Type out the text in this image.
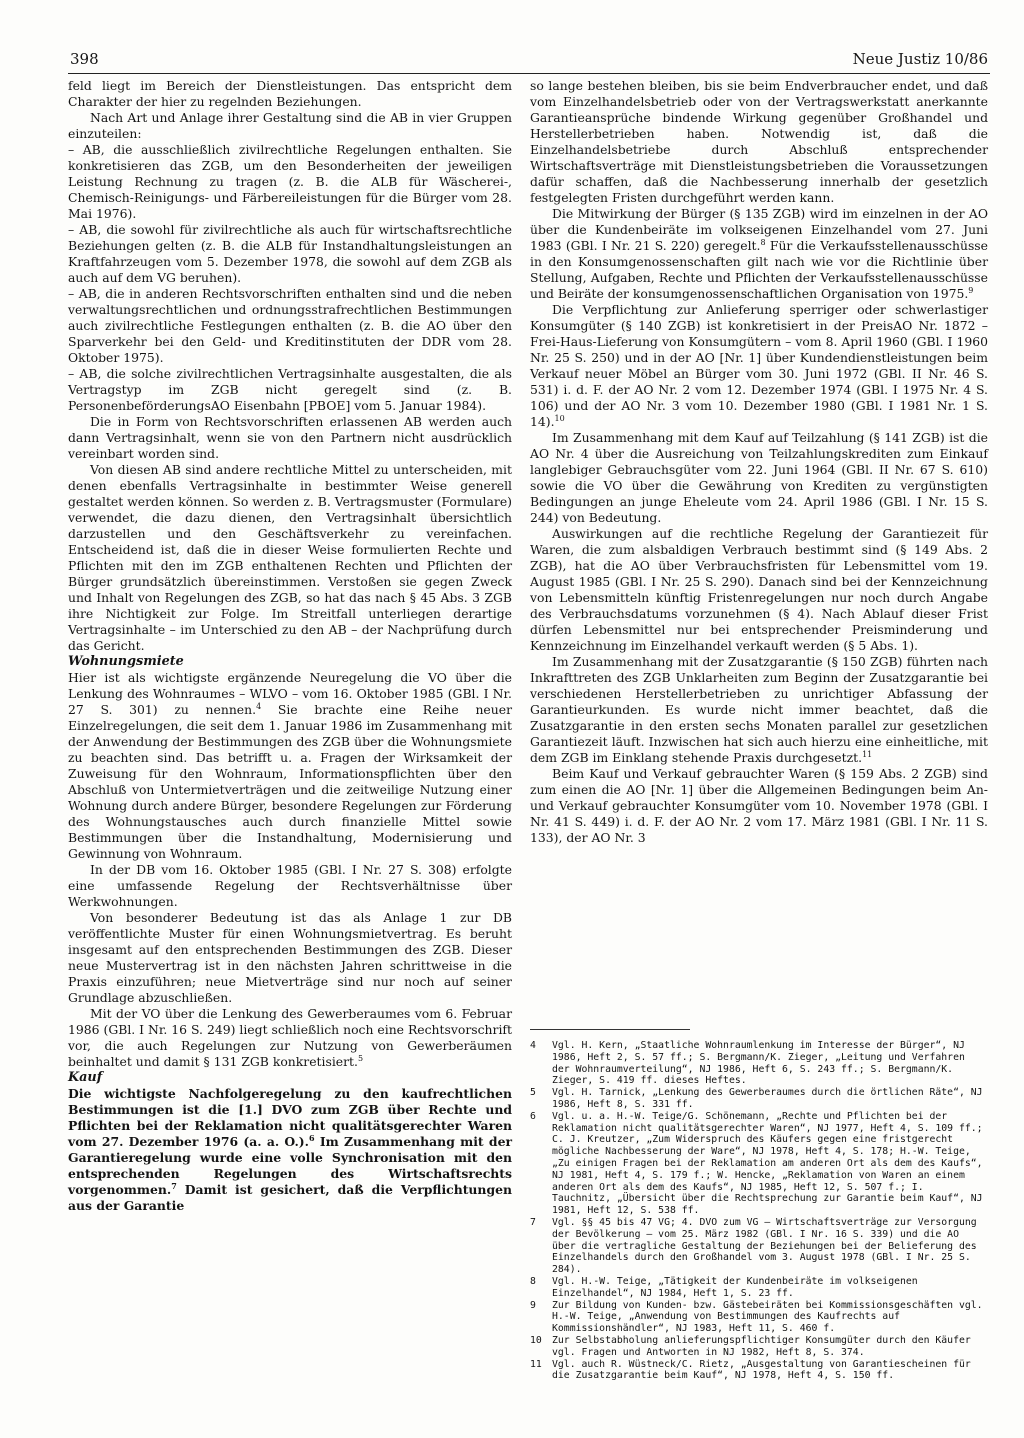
398	Neue Justiz 10/86

feld liegt im Bereich der Dienstleistungen. Das entspricht dem Charakter der hier zu regelnden Beziehungen.

Nach Art und Anlage ihrer Gestaltung sind die AB in vier Gruppen einzuteilen:

– AB, die ausschließlich zivilrechtliche Regelungen enthalten. Sie konkretisieren das ZGB, um den Besonderheiten der jeweiligen Leistung Rechnung zu tragen (z. B. die ALB für Wäscherei-, Chemisch-Reinigungs- und Färbereileistungen für die Bürger vom 28. Mai 1976).

– AB, die sowohl für zivilrechtliche als auch für wirtschaftsrechtliche Beziehungen gelten (z. B. die ALB für Instandhaltungsleistungen an Kraftfahrzeugen vom 5. Dezember 1978, die sowohl auf dem ZGB als auch auf dem VG beruhen).

– AB, die in anderen Rechtsvorschriften enthalten sind und die neben verwaltungsrechtlichen und ordnungsstrafrechtlichen Bestimmungen auch zivilrechtliche Festlegungen enthalten (z. B. die AO über den Sparverkehr bei den Geld- und Kreditinstituten der DDR vom 28. Oktober 1975).

– AB, die solche zivilrechtlichen Vertragsinhalte ausgestalten, die als Vertragstyp im ZGB nicht geregelt sind (z. B. PersonenbeförderungsAO Eisenbahn [PBOE] vom 5. Januar 1984).

Die in Form von Rechtsvorschriften erlassenen AB werden auch dann Vertragsinhalt, wenn sie von den Partnern nicht ausdrücklich vereinbart worden sind.

Von diesen AB sind andere rechtliche Mittel zu unterscheiden, mit denen ebenfalls Vertragsinhalte in bestimmter Weise generell gestaltet werden können. So werden z. B. Vertragsmuster (Formulare) verwendet, die dazu dienen, den Vertragsinhalt übersichtlich darzustellen und den Geschäftsverkehr zu vereinfachen. Entscheidend ist, daß die in dieser Weise formulierten Rechte und Pflichten mit den im ZGB enthaltenen Rechten und Pflichten der Bürger grundsätzlich übereinstimmen. Verstoßen sie gegen Zweck und Inhalt von Regelungen des ZGB, so hat das nach § 45 Abs. 3 ZGB ihre Nichtigkeit zur Folge. Im Streitfall unterliegen derartige Vertragsinhalte – im Unterschied zu den AB – der Nachprüfung durch das Gericht.

Wohnungsmiete

Hier ist als wichtigste ergänzende Neuregelung die VO über die Lenkung des Wohnraumes – WLVO – vom 16. Oktober 1985 (GBl. I Nr. 27 S. 301) zu nennen.$^4$ Sie brachte eine Reihe neuer Einzelregelungen, die seit dem 1. Januar 1986 im Zusammenhang mit der Anwendung der Bestimmungen des ZGB über die Wohnungsmiete zu beachten sind. Das betrifft u. a. Fragen der Wirksamkeit der Zuweisung für den Wohnraum, Informationspflichten über den Abschluß von Untermietverträgen und die zeitweilige Nutzung einer Wohnung durch andere Bürger, besondere Regelungen zur Förderung des Wohnungstausches auch durch finanzielle Mittel sowie Bestimmungen über die Instandhaltung, Modernisierung und Gewinnung von Wohnraum.

In der DB vom 16. Oktober 1985 (GBl. I Nr. 27 S. 308) erfolgte eine umfassende Regelung der Rechtsverhältnisse über Werkwohnungen.

Von besonderer Bedeutung ist das als Anlage 1 zur DB veröffentlichte Muster für einen Wohnungsmietvertrag. Es beruht insgesamt auf den entsprechenden Bestimmungen des ZGB. Dieser neue Mustervertrag ist in den nächsten Jahren schrittweise in die Praxis einzuführen; neue Mietverträge sind nur noch auf seiner Grundlage abzuschließen.

Mit der VO über die Lenkung des Gewerberaumes vom 6. Februar 1986 (GBl. I Nr. 16 S. 249) liegt schließlich noch eine Rechtsvorschrift vor, die auch Regelungen zur Nutzung von Gewerberäumen beinhaltet und damit § 131 ZGB konkretisiert.$^5$

Kauf

Die wichtigste Nachfolgeregelung zu den kaufrechtlichen Bestimmungen ist die [1.] DVO zum ZGB über Rechte und Pflichten bei der Reklamation nicht qualitätsgerechter Waren vom 27. Dezember 1976 (a. a. O.).$^6$ Im Zusammenhang mit der Garantieregelung wurde eine volle Synchronisation mit den entsprechenden Regelungen des Wirtschaftsrechts vorgenommen.$^7$ Damit ist gesichert, daß die Verpflichtungen aus der Garantie

so lange bestehen bleiben, bis sie beim Endverbraucher endet, und daß vom Einzelhandelsbetrieb oder von der Vertragswerkstatt anerkannte Garantieansprüche bindende Wirkung gegenüber Großhandel und Herstellerbetrieben haben. Notwendig ist, daß die Einzelhandelsbetriebe durch Abschluß entsprechender Wirtschaftsverträge mit Dienstleistungsbetrieben die Voraussetzungen dafür schaffen, daß die Nachbesserung innerhalb der gesetzlich festgelegten Fristen durchgeführt werden kann.

Die Mitwirkung der Bürger (§ 135 ZGB) wird im einzelnen in der AO über die Kundenbeiräte im volkseigenen Einzelhandel vom 27. Juni 1983 (GBl. I Nr. 21 S. 220) geregelt.$^8$ Für die Verkaufsstellenausschüsse in den Konsumgenossenschaften gilt nach wie vor die Richtlinie über Stellung, Aufgaben, Rechte und Pflichten der Verkaufsstellenausschüsse und Beiräte der konsumgenossenschaftlichen Organisation von 1975.$^9$

Die Verpflichtung zur Anlieferung sperriger oder schwerlastiger Konsumgüter (§ 140 ZGB) ist konkretisiert in der PreisAO Nr. 1872 – Frei-Haus-Lieferung von Konsumgütern – vom 8. April 1960 (GBl. I 1960 Nr. 25 S. 250) und in der AO [Nr. 1] über Kundendienstleistungen beim Verkauf neuer Möbel an Bürger vom 30. Juni 1972 (GBl. II Nr. 46 S. 531) i. d. F. der AO Nr. 2 vom 12. Dezember 1974 (GBl. I 1975 Nr. 4 S. 106) und der AO Nr. 3 vom 10. Dezember 1980 (GBl. I 1981 Nr. 1 S. 14).$^{10}$

Im Zusammenhang mit dem Kauf auf Teilzahlung (§ 141 ZGB) ist die AO Nr. 4 über die Ausreichung von Teilzahlungskrediten zum Einkauf langlebiger Gebrauchsgüter vom 22. Juni 1964 (GBl. II Nr. 67 S. 610) sowie die VO über die Gewährung von Krediten zu vergünstigten Bedingungen an junge Eheleute vom 24. April 1986 (GBl. I Nr. 15 S. 244) von Bedeutung.

Auswirkungen auf die rechtliche Regelung der Garantiezeit für Waren, die zum alsbaldigen Verbrauch bestimmt sind (§ 149 Abs. 2 ZGB), hat die AO über Verbrauchsfristen für Lebensmittel vom 19. August 1985 (GBl. I Nr. 25 S. 290). Danach sind bei der Kennzeichnung von Lebensmitteln künftig Fristenregelungen nur noch durch Angabe des Verbrauchsdatums vorzunehmen (§ 4). Nach Ablauf dieser Frist dürfen Lebensmittel nur bei entsprechender Preisminderung und Kennzeichnung im Einzelhandel verkauft werden (§ 5 Abs. 1).

Im Zusammenhang mit der Zusatzgarantie (§ 150 ZGB) führten nach Inkrafttreten des ZGB Unklarheiten zum Beginn der Zusatzgarantie bei verschiedenen Herstellerbetrieben zu unrichtiger Abfassung der Garantieurkunden. Es wurde nicht immer beachtet, daß die Zusatzgarantie in den ersten sechs Monaten parallel zur gesetzlichen Garantiezeit läuft. Inzwischen hat sich auch hierzu eine einheitliche, mit dem ZGB im Einklang stehende Praxis durchgesetzt.$^{11}$

Beim Kauf und Verkauf gebrauchter Waren (§ 159 Abs. 2 ZGB) sind zum einen die AO [Nr. 1] über die Allgemeinen Bedingungen beim An- und Verkauf gebrauchter Konsumgüter vom 10. November 1978 (GBl. I Nr. 41 S. 449) i. d. F. der AO Nr. 2 vom 17. März 1981 (GBl. I Nr. 11 S. 133), der AO Nr. 3

4	Vgl. H. Kern, „Staatliche Wohnraumlenkung im Interesse der Bürger“, NJ 1986, Heft 2, S. 57 ff.; S. Bergmann/K. Zieger, „Leitung und Verfahren der Wohnraumverteilung“, NJ 1986, Heft 6, S. 243 ff.; S. Bergmann/K. Zieger, S. 419 ff. dieses Heftes.
5	Vgl. H. Tarnick, „Lenkung des Gewerberaumes durch die örtlichen Räte“, NJ 1986, Heft 8, S. 331 ff.
6	Vgl. u. a. H.-W. Teige/G. Schönemann, „Rechte und Pflichten bei der Reklamation nicht qualitätsgerechter Waren“, NJ 1977, Heft 4, S. 109 ff.; C. J. Kreutzer, „Zum Widerspruch des Käufers gegen eine fristgerecht mögliche Nachbesserung der Ware“, NJ 1978, Heft 4, S. 178; H.-W. Teige, „Zu einigen Fragen bei der Reklamation am anderen Ort als dem des Kaufs“, NJ 1981, Heft 4, S. 179 f.; W. Hencke, „Reklamation von Waren an einem anderen Ort als dem des Kaufs“, NJ 1985, Heft 12, S. 507 f.; I. Tauchnitz, „Übersicht über die Rechtsprechung zur Garantie beim Kauf“, NJ 1981, Heft 12, S. 538 ff.
7	Vgl. §§ 45 bis 47 VG; 4. DVO zum VG – Wirtschaftsverträge zur Versorgung der Bevölkerung – vom 25. März 1982 (GBl. I Nr. 16 S. 339) und die AO über die vertragliche Gestaltung der Beziehungen bei der Belieferung des Einzelhandels durch den Großhandel vom 3. August 1978 (GBl. I Nr. 25 S. 284).
8	Vgl. H.-W. Teige, „Tätigkeit der Kundenbeiräte im volkseigenen Einzelhandel“, NJ 1984, Heft 1, S. 23 ff.
9	Zur Bildung von Kunden- bzw. Gästebeiräten bei Kommissionsgeschäften vgl. H.-W. Teige, „Anwendung von Bestimmungen des Kaufrechts auf Kommissionshändler“, NJ 1983, Heft 11, S. 460 f.
10	Zur Selbstabholung anlieferungspflichtiger Konsumgüter durch den Käufer vgl. Fragen und Antworten in NJ 1982, Heft 8, S. 374.
11	Vgl. auch R. Wüstneck/C. Rietz, „Ausgestaltung von Garantiescheinen für die Zusatzgarantie beim Kauf“, NJ 1978, Heft 4, S. 150 ff.
